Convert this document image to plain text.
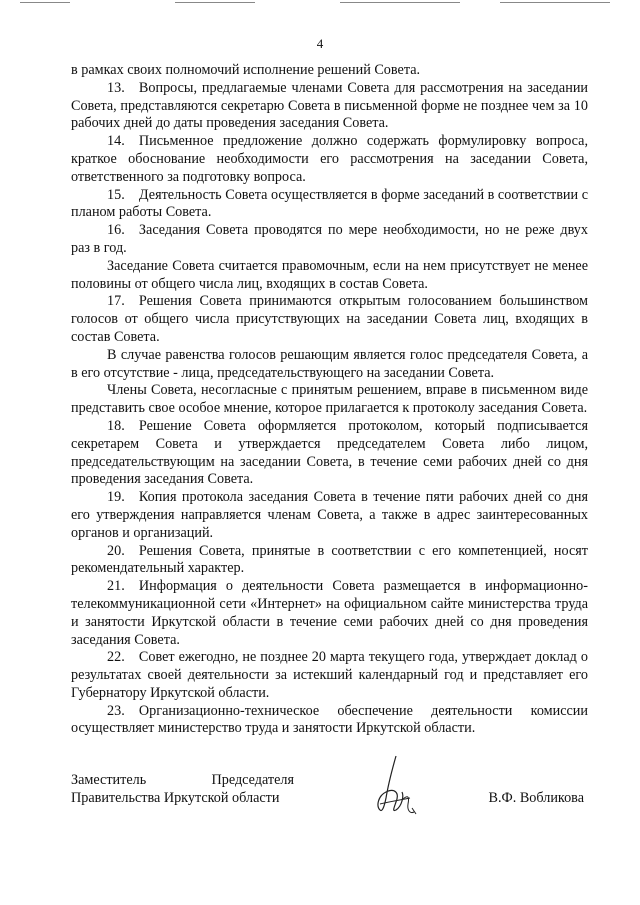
4

в рамках своих полномочий исполнение решений Совета.

13. Вопросы, предлагаемые членами Совета для рассмотрения на заседании Совета, представляются секретарю Совета в письменной форме не позднее чем за 10 рабочих дней до даты проведения заседания Совета.

14. Письменное предложение должно содержать формулировку вопроса, краткое обоснование необходимости его рассмотрения на заседании Совета, ответственного за подготовку вопроса.

15. Деятельность Совета осуществляется в форме заседаний в соответствии с планом работы Совета.

16. Заседания Совета проводятся по мере необходимости, но не реже двух раз в год.

Заседание Совета считается правомочным, если на нем присутствует не менее половины от общего числа лиц, входящих в состав Совета.

17. Решения Совета принимаются открытым голосованием большинством голосов от общего числа присутствующих на заседании Совета лиц, входящих в состав Совета.

В случае равенства голосов решающим является голос председателя Совета, а в его отсутствие - лица, председательствующего на заседании Совета.

Члены Совета, несогласные с принятым решением, вправе в письменном виде представить свое особое мнение, которое прилагается к протоколу заседания Совета.

18. Решение Совета оформляется протоколом, который подписывается секретарем Совета и утверждается председателем Совета либо лицом, председательствующим на заседании Совета, в течение семи рабочих дней со дня проведения заседания Совета.

19. Копия протокола заседания Совета в течение пяти рабочих дней со дня его утверждения направляется членам Совета, а также в адрес заинтересованных органов и организаций.

20. Решения Совета, принятые в соответствии с его компетенцией, носят рекомендательный характер.

21. Информация о деятельности Совета размещается в информационно-телекоммуникационной сети «Интернет» на официальном сайте министерства труда и занятости Иркутской области в течение семи рабочих дней со дня проведения заседания Совета.

22. Совет ежегодно, не позднее 20 марта текущего года, утверждает доклад о результатах своей деятельности за истекший календарный год и представляет его Губернатору Иркутской области.

23. Организационно-техническое обеспечение деятельности комиссии осуществляет министерство труда и занятости Иркутской области.

Заместитель	Председателя
Правительства Иркутской области	В.Ф. Вобликова
